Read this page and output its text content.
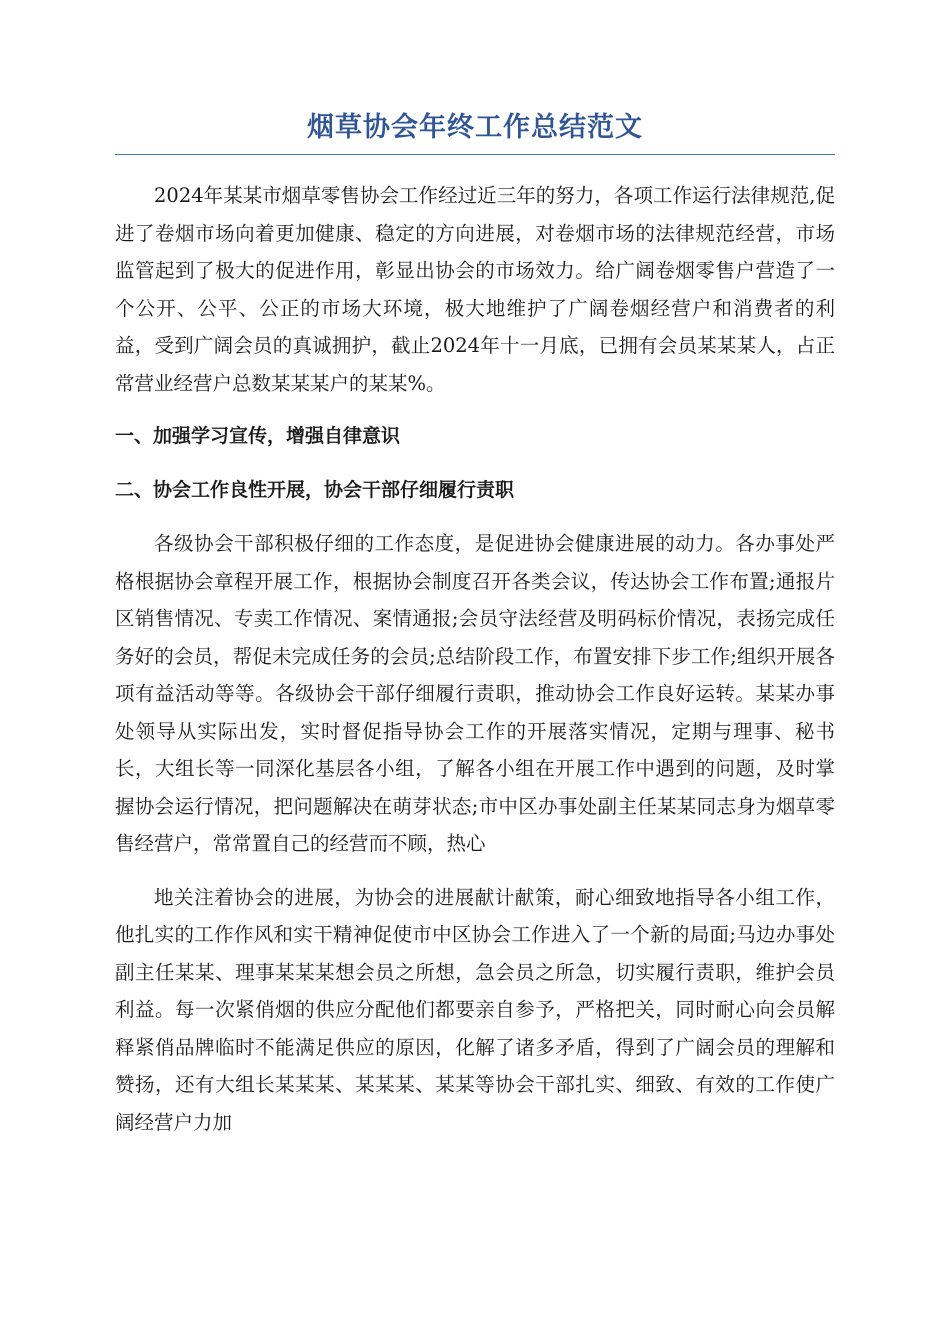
烟草协会年终工作总结范文

2024年某某市烟草零售协会工作经过近三年的努力，各项工作运行法律规范,促进了卷烟市场向着更加健康、稳定的方向进展，对卷烟市场的法律规范经营，市场监管起到了极大的促进作用，彰显出协会的市场效力。给广阔卷烟零售户营造了一个公开、公平、公正的市场大环境，极大地维护了广阔卷烟经营户和消费者的利益，受到广阔会员的真诚拥护，截止2024年十一月底，已拥有会员某某某人，占正常营业经营户总数某某某户的某某%。

一、加强学习宣传，增强自律意识
二、协会工作良性开展，协会干部仔细履行责职

各级协会干部积极仔细的工作态度，是促进协会健康进展的动力。各办事处严格根据协会章程开展工作，根据协会制度召开各类会议，传达协会工作布置;通报片区销售情况、专卖工作情况、案情通报;会员守法经营及明码标价情况，表扬完成任务好的会员，帮促未完成任务的会员;总结阶段工作，布置安排下步工作;组织开展各项有益活动等等。各级协会干部仔细履行责职，推动协会工作良好运转。某某办事处领导从实际出发，实时督促指导协会工作的开展落实情况，定期与理事、秘书长，大组长等一同深化基层各小组，了解各小组在开展工作中遇到的问题，及时掌握协会运行情况，把问题解决在萌芽状态;市中区办事处副主任某某同志身为烟草零售经营户，常常置自己的经营而不顾，热心

地关注着协会的进展，为协会的进展献计献策，耐心细致地指导各小组工作，他扎实的工作作风和实干精神促使市中区协会工作进入了一个新的局面;马边办事处副主任某某、理事某某某想会员之所想，急会员之所急，切实履行责职，维护会员利益。每一次紧俏烟的供应分配他们都要亲自参予，严格把关，同时耐心向会员解释紧俏品牌临时不能满足供应的原因，化解了诸多矛盾，得到了广阔会员的理解和赞扬，还有大组长某某某、某某某、某某等协会干部扎实、细致、有效的工作使广阔经营户力加
